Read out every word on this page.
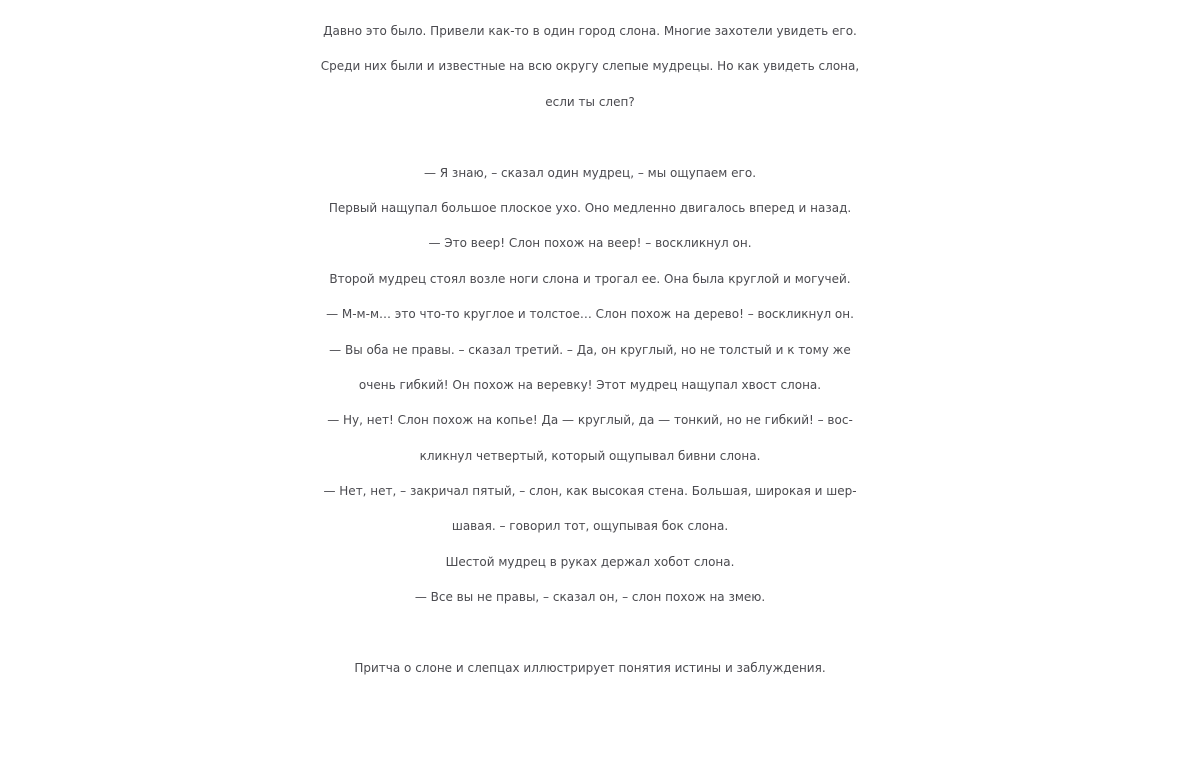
Давно это было. Привели как-то в один город слона. Многие захотели увидеть его.
Среди них были и известные на всю округу слепые мудрецы. Но как увидеть слона,
если ты слеп?
— Я знаю, – сказал один мудрец, – мы ощупаем его.
Первый нащупал большое плоское ухо. Оно медленно двигалось вперед и назад.
— Это веер! Слон похож на веер! – воскликнул он.
Второй мудрец стоял возле ноги слона и трогал ее. Она была круглой и могучей.
— М-м-м… это что-то круглое и толстое… Слон похож на дерево! – воскликнул он.
— Вы оба не правы. – сказал третий. – Да, он круглый, но не толстый и к тому же
очень гибкий! Он похож на веревку! Этот мудрец нащупал хвост слона.
— Ну, нет! Слон похож на копье! Да — круглый, да — тонкий, но не гибкий! – вос-
кликнул четвертый, который ощупывал бивни слона.
— Нет, нет, – закричал пятый, – слон, как высокая стена. Большая, широкая и шер-
шавая. – говорил тот, ощупывая бок слона.
Шестой мудрец в руках держал хобот слона.
— Все вы не правы, – сказал он, – слон похож на змею.
Притча о слоне и слепцах иллюстрирует понятия истины и заблуждения.
